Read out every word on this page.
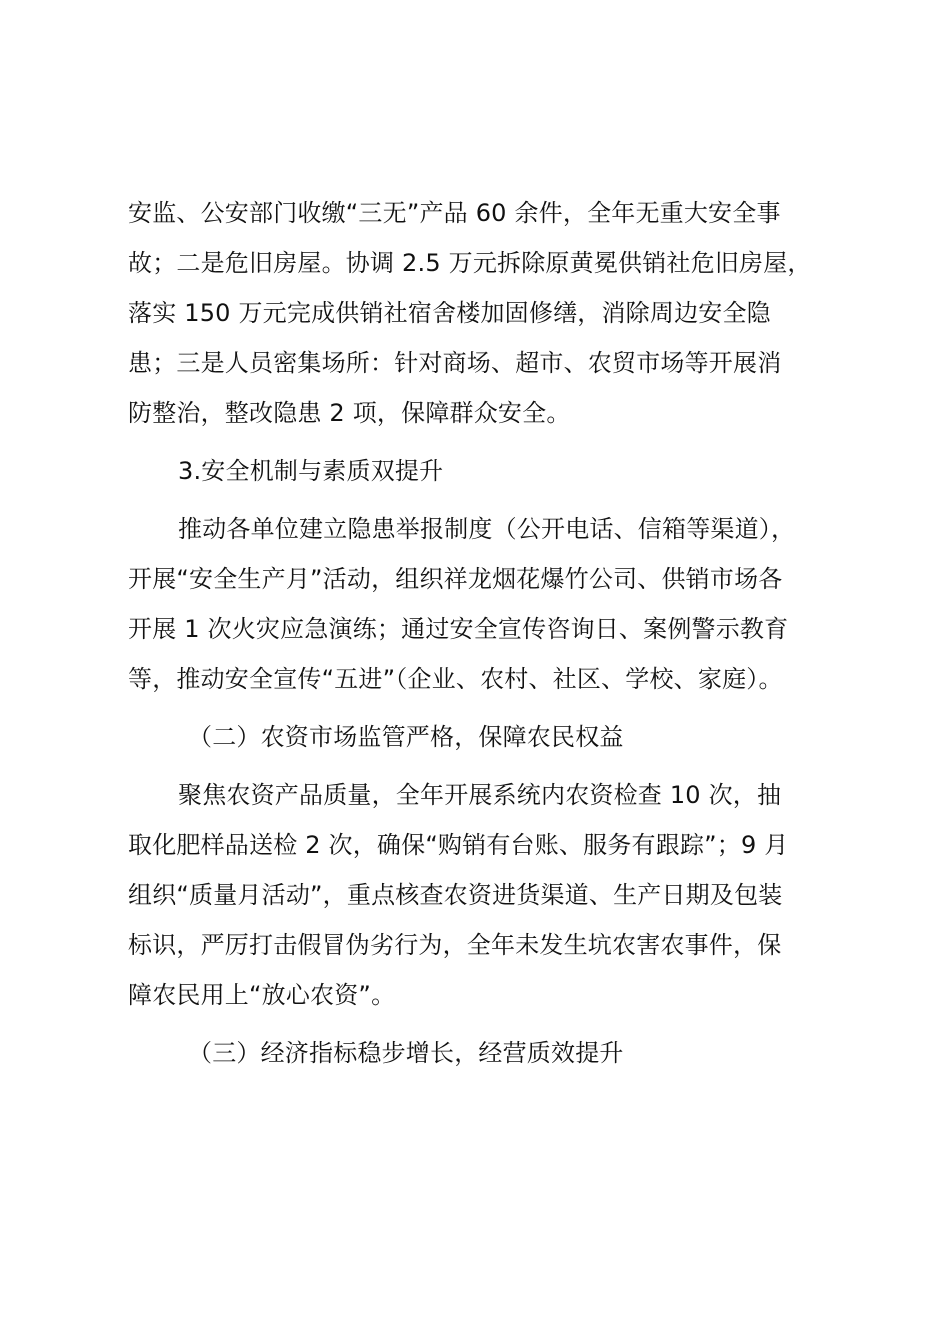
安监、公安部门收缴“三无”产品 60 余件，全年无重大安全事
故；二是危旧房屋。协调 2.5 万元拆除原黄冕供销社危旧房屋，
落实 150 万元完成供销社宿舍楼加固修缮，消除周边安全隐
患；三是人员密集场所：针对商场、超市、农贸市场等开展消
防整治，整改隐患 2 项，保障群众安全。
3.安全机制与素质双提升
推动各单位建立隐患举报制度（公开电话、信箱等渠道），
开展“安全生产月”活动，组织祥龙烟花爆竹公司、供销市场各
开展 1 次火灾应急演练；通过安全宣传咨询日、案例警示教育
等，推动安全宣传“五进”（企业、农村、社区、学校、家庭）。
（二）农资市场监管严格，保障农民权益
聚焦农资产品质量，全年开展系统内农资检查 10 次，抽
取化肥样品送检 2 次，确保“购销有台账、服务有跟踪”；9 月
组织“质量月活动”，重点核查农资进货渠道、生产日期及包装
标识，严厉打击假冒伪劣行为，全年未发生坑农害农事件，保
障农民用上“放心农资”。
（三）经济指标稳步增长，经营质效提升
